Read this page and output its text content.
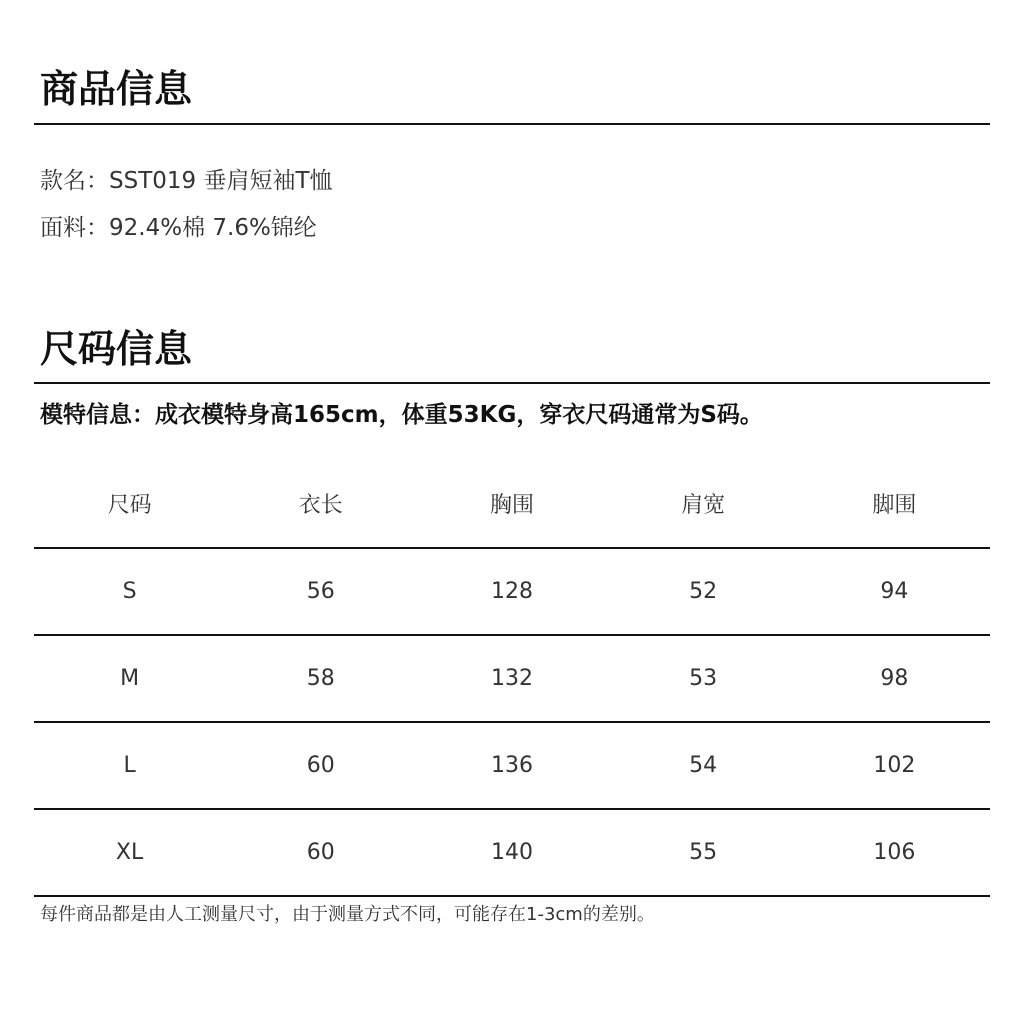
商品信息
款名：SST019 垂肩短袖T恤
面料：92.4%棉 7.6%锦纶
尺码信息
模特信息：成衣模特身高165cm，体重53KG，穿衣尺码通常为S码。
尺码	衣长	胸围	肩宽	脚围
S	56	128	52	94
M	58	132	53	98
L	60	136	54	102
XL	60	140	55	106
每件商品都是由人工测量尺寸，由于测量方式不同，可能存在1-3cm的差别。
